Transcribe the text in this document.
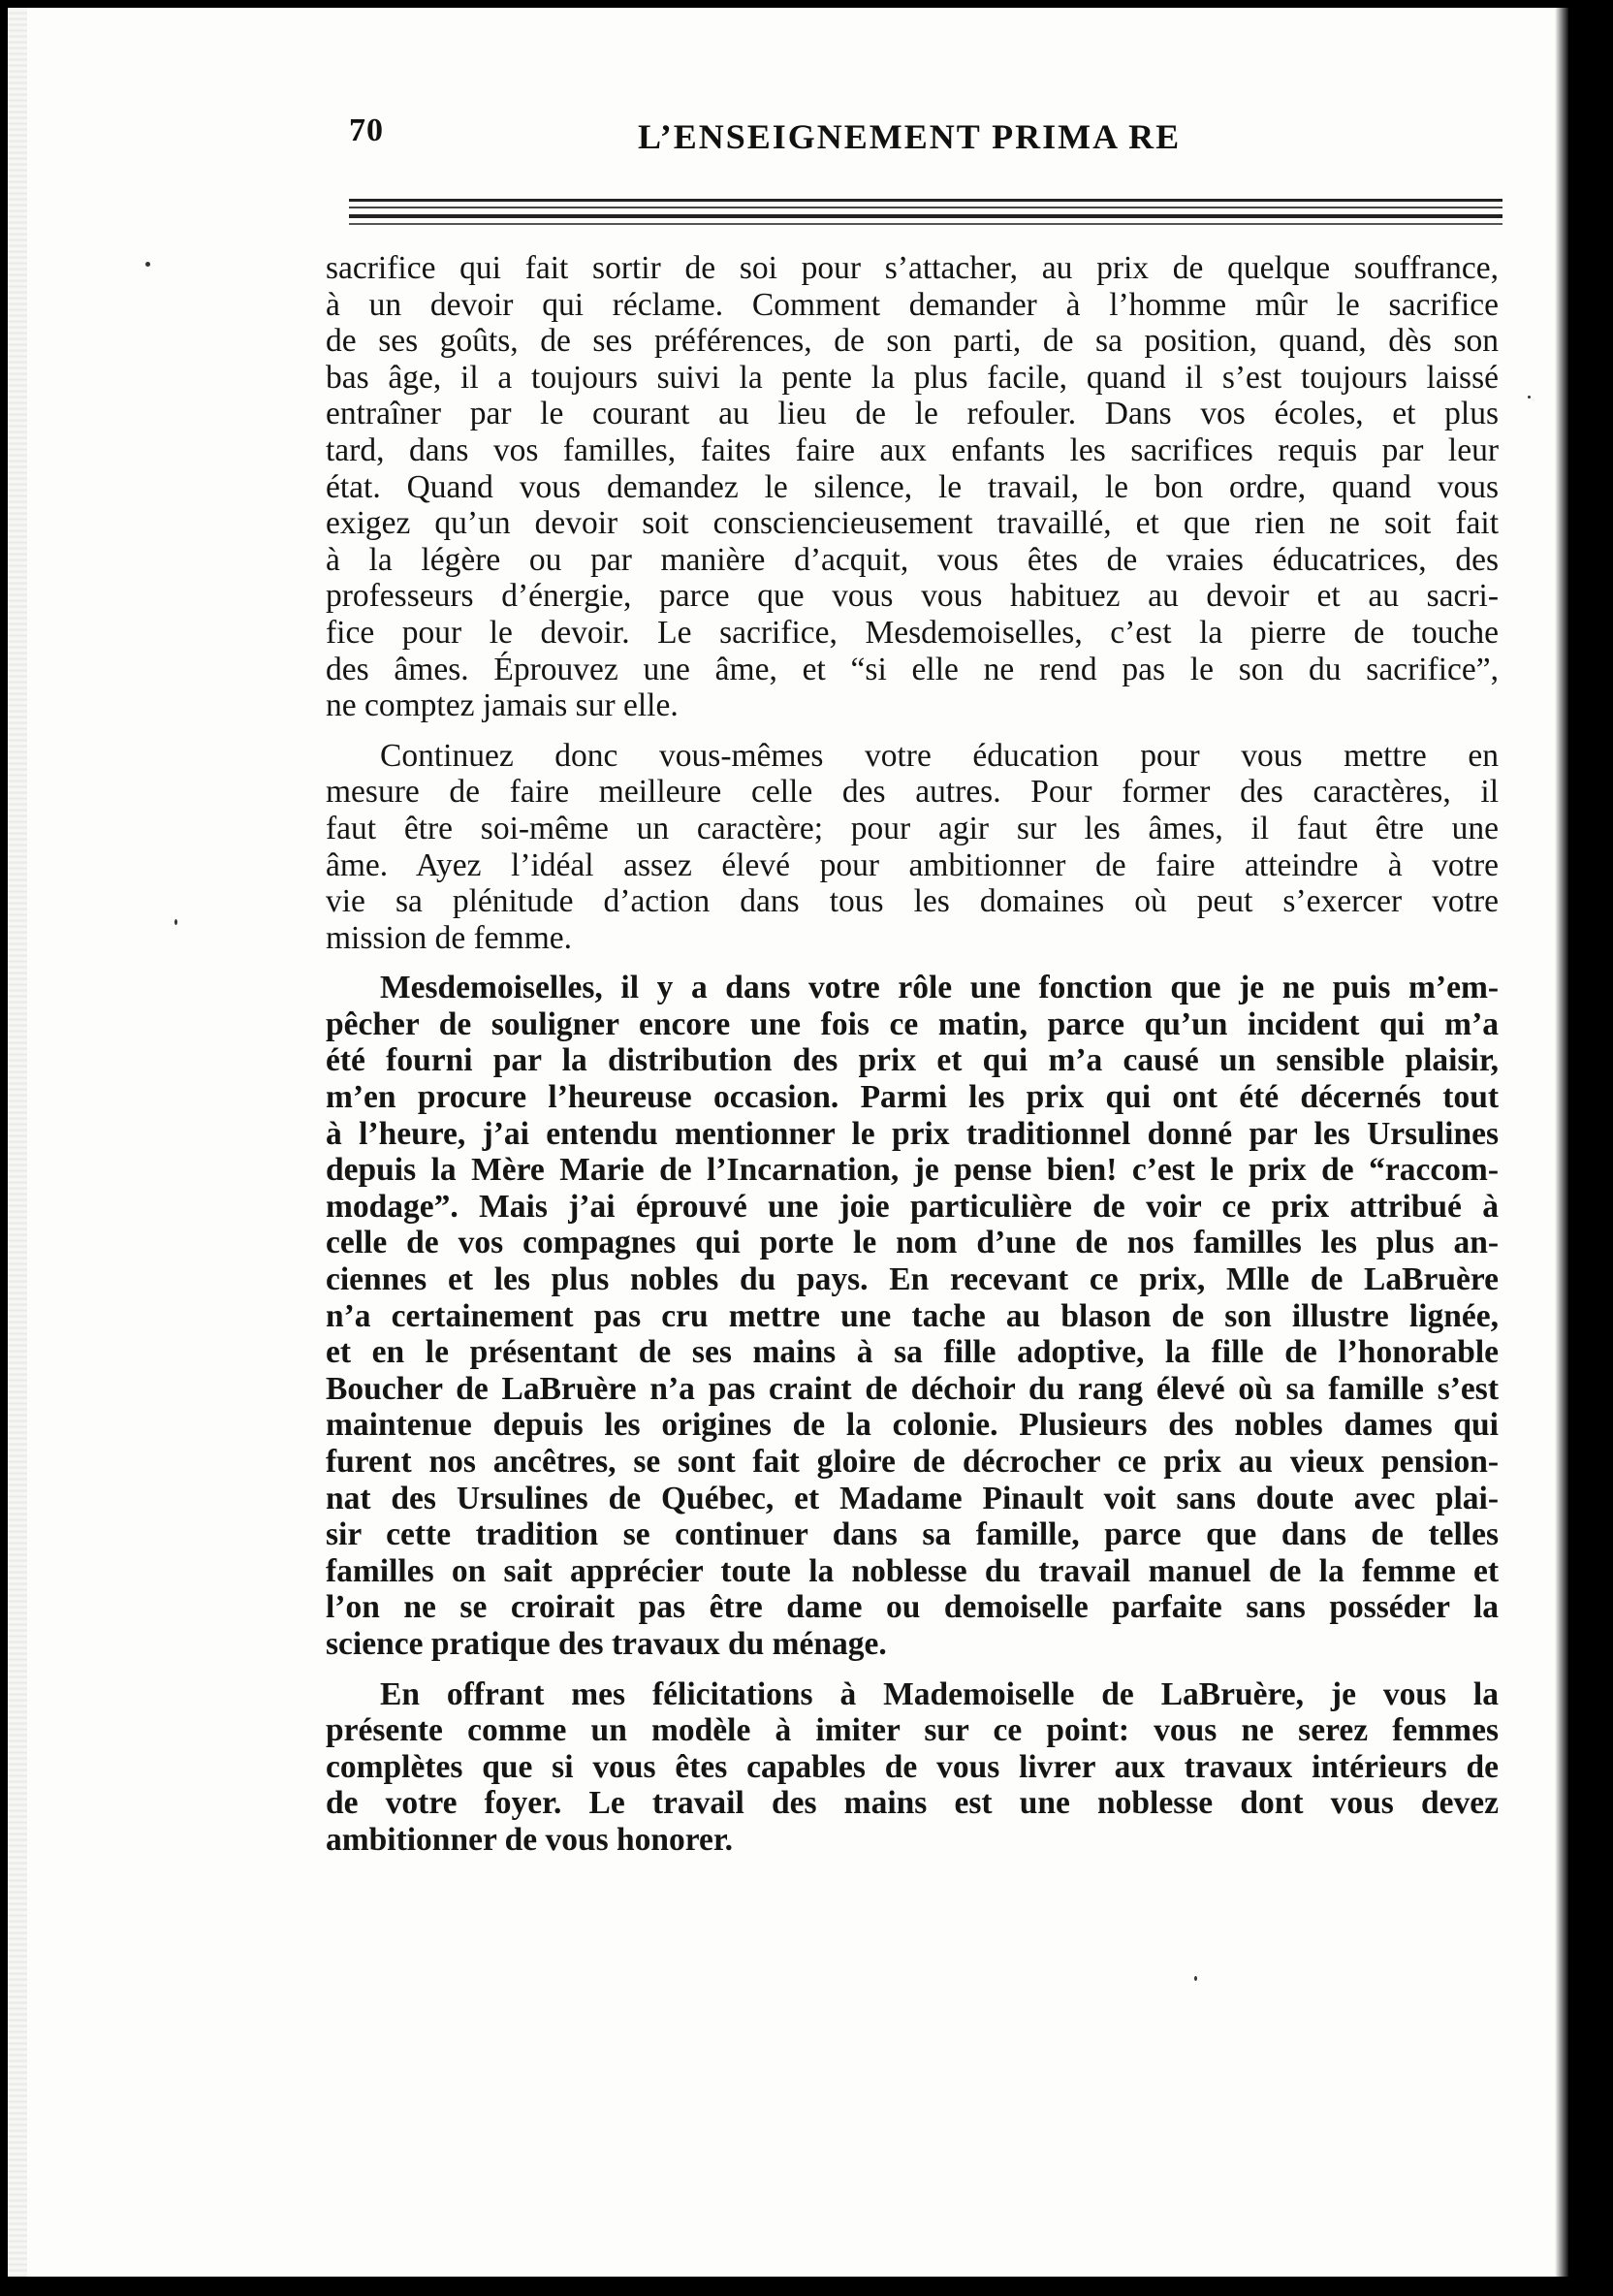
70	L’ENSEIGNEMENT PRIMA RE
sacrifice qui fait sortir de soi pour s’attacher, au prix de quelque souffrance,
à un devoir qui réclame. Comment demander à l’homme mûr le sacrifice
de ses goûts, de ses préférences, de son parti, de sa position, quand, dès son
bas âge, il a toujours suivi la pente la plus facile, quand il s’est toujours laissé
entraîner par le courant au lieu de le refouler. Dans vos écoles, et plus
tard, dans vos familles, faites faire aux enfants les sacrifices requis par leur
état. Quand vous demandez le silence, le travail, le bon ordre, quand vous
exigez qu’un devoir soit consciencieusement travaillé, et que rien ne soit fait
à la légère ou par manière d’acquit, vous êtes de vraies éducatrices, des
professeurs d’énergie, parce que vous vous habituez au devoir et au sacri-
fice pour le devoir. Le sacrifice, Mesdemoiselles, c’est la pierre de touche
des âmes. Éprouvez une âme, et “si elle ne rend pas le son du sacrifice”,
ne comptez jamais sur elle.
Continuez donc vous-mêmes votre éducation pour vous mettre en
mesure de faire meilleure celle des autres. Pour former des caractères, il
faut être soi-même un caractère; pour agir sur les âmes, il faut être une
âme. Ayez l’idéal assez élevé pour ambitionner de faire atteindre à votre
vie sa plénitude d’action dans tous les domaines où peut s’exercer votre
mission de femme.
Mesdemoiselles, il y a dans votre rôle une fonction que je ne puis m’em-
pêcher de souligner encore une fois ce matin, parce qu’un incident qui m’a
été fourni par la distribution des prix et qui m’a causé un sensible plaisir,
m’en procure l’heureuse occasion. Parmi les prix qui ont été décernés tout
à l’heure, j’ai entendu mentionner le prix traditionnel donné par les Ursulines
depuis la Mère Marie de l’Incarnation, je pense bien! c’est le prix de “raccom-
modage”. Mais j’ai éprouvé une joie particulière de voir ce prix attribué à
celle de vos compagnes qui porte le nom d’une de nos familles les plus an-
ciennes et les plus nobles du pays. En recevant ce prix, Mlle de LaBruère
n’a certainement pas cru mettre une tache au blason de son illustre lignée,
et en le présentant de ses mains à sa fille adoptive, la fille de l’honorable
Boucher de LaBruère n’a pas craint de déchoir du rang élevé où sa famille s’est
maintenue depuis les origines de la colonie. Plusieurs des nobles dames qui
furent nos ancêtres, se sont fait gloire de décrocher ce prix au vieux pension-
nat des Ursulines de Québec, et Madame Pinault voit sans doute avec plai-
sir cette tradition se continuer dans sa famille, parce que dans de telles
familles on sait apprécier toute la noblesse du travail manuel de la femme et
l’on ne se croirait pas être dame ou demoiselle parfaite sans posséder la
science pratique des travaux du ménage.
En offrant mes félicitations à Mademoiselle de LaBruère, je vous la
présente comme un modèle à imiter sur ce point: vous ne serez femmes
complètes que si vous êtes capables de vous livrer aux travaux intérieurs de
de votre foyer. Le travail des mains est une noblesse dont vous devez
ambitionner de vous honorer.
